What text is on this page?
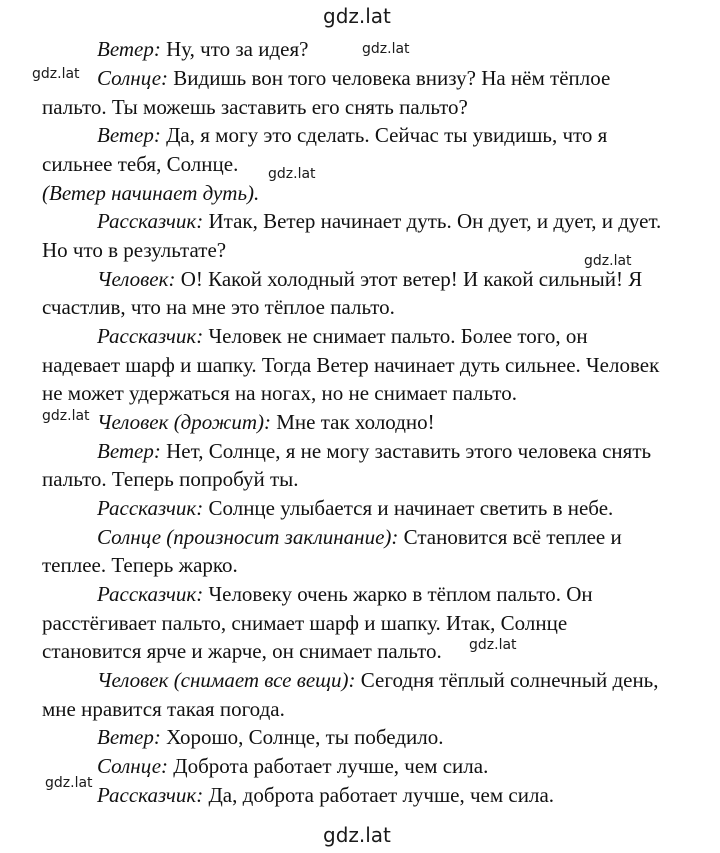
gdz.lat
gdz.lat
gdz.lat
gdz.lat
gdz.lat
gdz.lat
gdz.lat
gdz.lat
gdz.lat
Ветер: Ну, что за идея?
Солнце: Видишь вон того человека внизу? На нём тёплое
пальто. Ты можешь заставить его снять пальто?
Ветер: Да, я могу это сделать. Сейчас ты увидишь, что я
сильнее тебя, Солнце.
(Ветер начинает дуть).
Рассказчик: Итак, Ветер начинает дуть. Он дует, и дует, и дует.
Но что в результате?
Человек: О! Какой холодный этот ветер! И какой сильный! Я
счастлив, что на мне это тёплое пальто.
Рассказчик: Человек не снимает пальто. Более того, он
надевает шарф и шапку. Тогда Ветер начинает дуть сильнее. Человек
не может удержаться на ногах, но не снимает пальто.
Человек (дрожит): Мне так холодно!
Ветер: Нет, Солнце, я не могу заставить этого человека снять
пальто. Теперь попробуй ты.
Рассказчик: Солнце улыбается и начинает светить в небе.
Солнце (произносит заклинание): Становится всё теплее и
теплее. Теперь жарко.
Рассказчик: Человеку очень жарко в тёплом пальто. Он
расстёгивает пальто, снимает шарф и шапку. Итак, Солнце
становится ярче и жарче, он снимает пальто.
Человек (снимает все вещи): Сегодня тёплый солнечный день,
мне нравится такая погода.
Ветер: Хорошо, Солнце, ты победило.
Солнце: Доброта работает лучше, чем сила.
Рассказчик: Да, доброта работает лучше, чем сила.
